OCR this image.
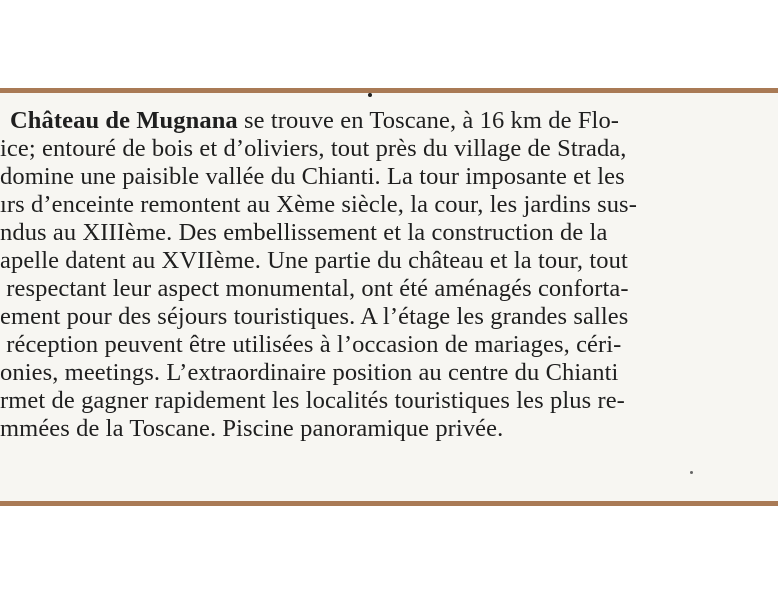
Château de Mugnana se trouve en Toscane, à 16 km de Flo-
ice; entouré de bois et d’oliviers, tout près du village de Strada,
domine une paisible vallée du Chianti. La tour imposante et les
ırs d’enceinte remontent au Xème siècle, la cour, les jardins sus-
ndus au XIIIème. Des embellissement et la construction de la
apelle datent au XVIIème. Une partie du château et la tour, tout
respectant leur aspect monumental, ont été aménagés conforta-
ement pour des séjours touristiques. A l’étage les grandes salles
réception peuvent être utilisées à l’occasion de mariages, céri-
onies, meetings. L’extraordinaire position au centre du Chianti
rmet de gagner rapidement les localités touristiques les plus re-
mmées de la Toscane. Piscine panoramique privée.
